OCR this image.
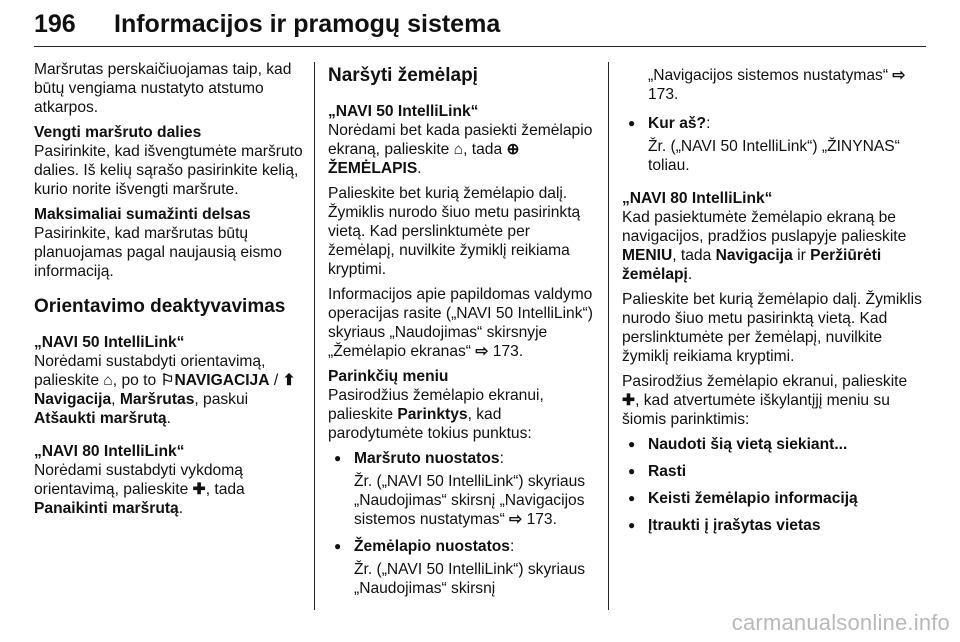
196 Informacijos ir pramogų sistema

Maršrutas perskaičiuojamas taip, kad būtų vengiama nustatyto atstumo atkarpos.

Vengti maršruto dalies

Pasirinkite, kad išvengtumėte maršruto dalies. Iš kelių sąrašo pasirinkite kelią, kurio norite išvengti maršrute.

Maksimaliai sumažinti delsas

Pasirinkite, kad maršrutas būtų planuojamas pagal naujausią eismo informaciją.

Orientavimo deaktyvavimas
„NAVI 50 IntelliLink“

Norėdami sustabdyti orientavimą, palieskite ⌂, po to ⚐NAVIGACIJA / ⬆Navigacija, Maršrutas, paskui Atšaukti maršrutą.

„NAVI 80 IntelliLink“

Norėdami sustabdyti vykdomą orientavimą, palieskite ✚, tada Panaikinti maršrutą.

Naršyti žemėlapį
„NAVI 50 IntelliLink“

Norėdami bet kada pasiekti žemėlapio ekraną, palieskite ⌂, tada ⊕ŽEMĖLAPIS.

Palieskite bet kurią žemėlapio dalį. Žymiklis nurodo šiuo metu pasirinktą vietą. Kad perslinktumėte per žemėlapį, nuvilkite žymiklį reikiama kryptimi.

Informacijos apie papildomas valdymo operacijas rasite („NAVI 50 IntelliLink“) skyriaus „Naudojimas“ skirsnyje „Žemėlapio ekranas“ ⇨ 173.

Parinkčių meniu

Pasirodžius žemėlapio ekranui, palieskite Parinktys, kad parodytumėte tokius punktus:

● Maršruto nuostatos:
Žr. („NAVI 50 IntelliLink“) skyriaus „Naudojimas“ skirsnį „Navigacijos sistemos nustatymas“ ⇨ 173.
● Žemėlapio nuostatos:
Žr. („NAVI 50 IntelliLink“) skyriaus „Naudojimas“ skirsnį
„Navigacijos sistemos nustatymas“ ⇨ 173.
● Kur aš?:
Žr. („NAVI 50 IntelliLink“) „ŽINYNAS“ toliau.
„NAVI 80 IntelliLink“

Kad pasiektumėte žemėlapio ekraną be navigacijos, pradžios puslapyje palieskite MENIU, tada Navigacija ir Peržiūrėti žemėlapį.

Palieskite bet kurią žemėlapio dalį. Žymiklis nurodo šiuo metu pasirinktą vietą. Kad perslinktumėte per žemėlapį, nuvilkite žymiklį reikiama kryptimi.

Pasirodžius žemėlapio ekranui, palieskite ✚, kad atvertumėte iškylantįjį meniu su šiomis parinktimis:

● Naudoti šią vietą siekiant...
● Rasti
● Keisti žemėlapio informaciją
● Įtraukti į įrašytas vietas
carmanualsonline.info
